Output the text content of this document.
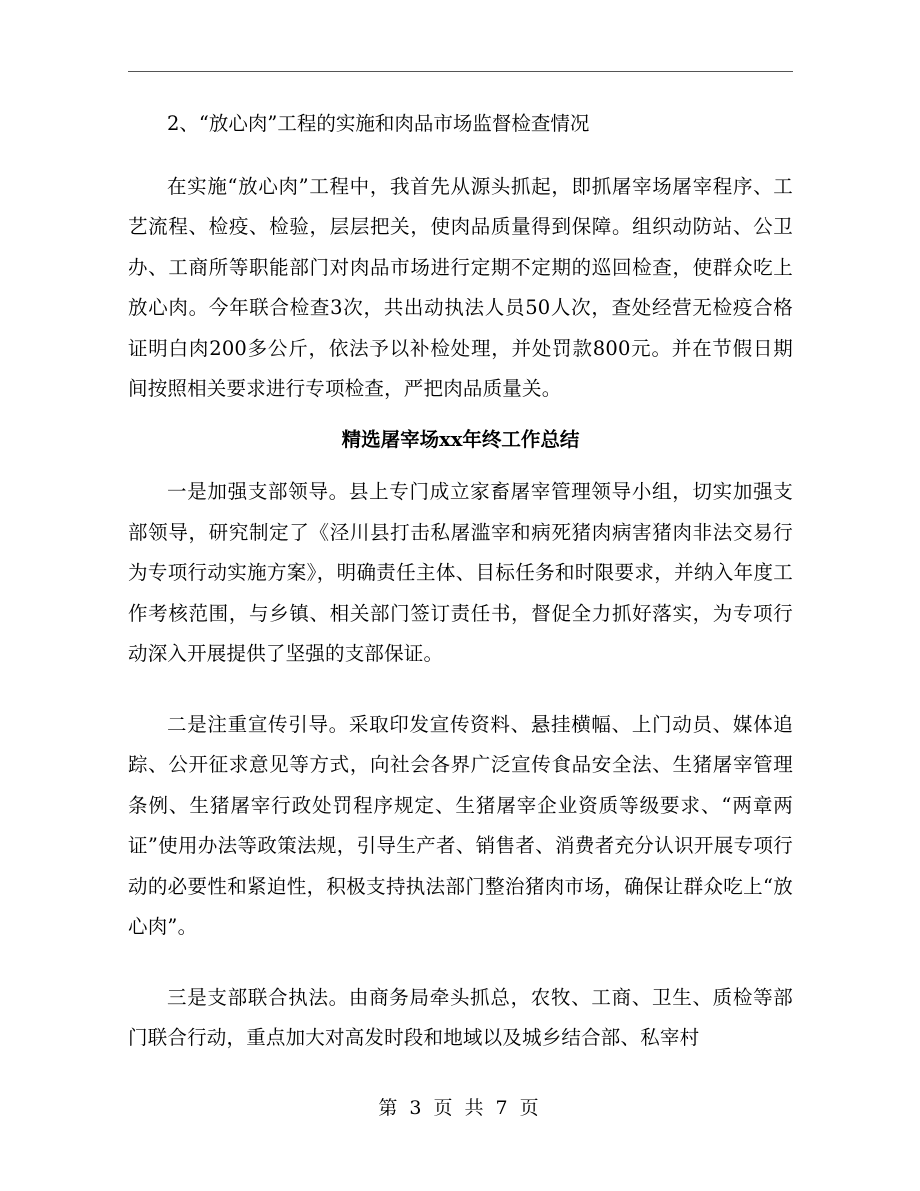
2、“放心肉”工程的实施和肉品市场监督检查情况

在实施“放心肉”工程中，我首先从源头抓起，即抓屠宰场屠宰程序、工艺流程、检疫、检验，层层把关，使肉品质量得到保障。组织动防站、公卫办、工商所等职能部门对肉品市场进行定期不定期的巡回检查，使群众吃上放心肉。今年联合检查3次，共出动执法人员50人次，查处经营无检疫合格证明白肉200多公斤，依法予以补检处理，并处罚款800元。并在节假日期间按照相关要求进行专项检查，严把肉品质量关。

精选屠宰场xx年终工作总结

一是加强支部领导。县上专门成立家畜屠宰管理领导小组，切实加强支部领导，研究制定了《泾川县打击私屠滥宰和病死猪肉病害猪肉非法交易行为专项行动实施方案》，明确责任主体、目标任务和时限要求，并纳入年度工作考核范围，与乡镇、相关部门签订责任书，督促全力抓好落实，为专项行动深入开展提供了坚强的支部保证。

二是注重宣传引导。采取印发宣传资料、悬挂横幅、上门动员、媒体追踪、公开征求意见等方式，向社会各界广泛宣传食品安全法、生猪屠宰管理条例、生猪屠宰行政处罚程序规定、生猪屠宰企业资质等级要求、“两章两证”使用办法等政策法规，引导生产者、销售者、消费者充分认识开展专项行动的必要性和紧迫性，积极支持执法部门整治猪肉市场，确保让群众吃上“放心肉”。

三是支部联合执法。由商务局牵头抓总，农牧、工商、卫生、质检等部门联合行动，重点加大对高发时段和地域以及城乡结合部、私宰村

第 3 页 共 7 页
